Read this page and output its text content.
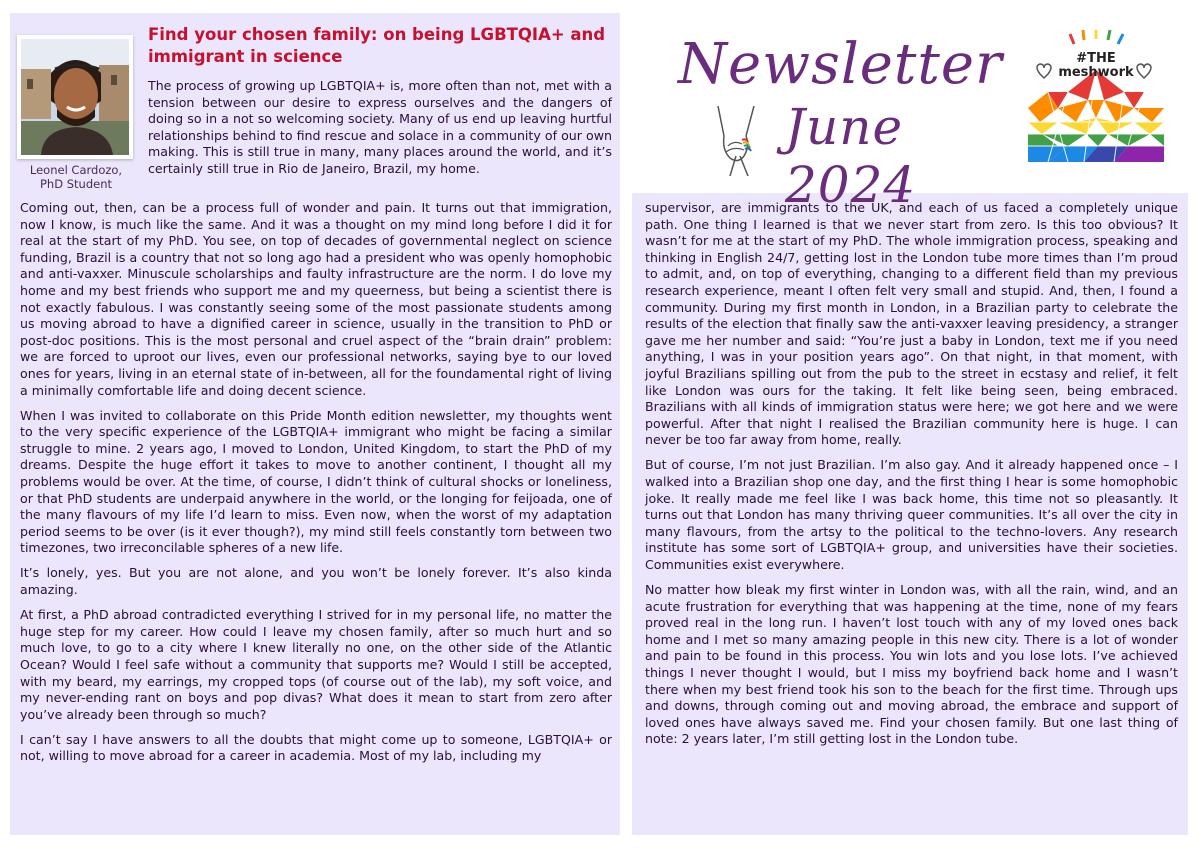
Leonel Cardozo,
PhD Student
Find your chosen family: on being LGBTQIA+ and immigrant in science

The process of growing up LGBTQIA+ is, more often than not, met with a tension between our desire to express ourselves and the dangers of doing so in a not so welcoming society. Many of us end up leaving hurtful relationships behind to find rescue and solace in a community of our own making. This is still true in many, many places around the world, and it’s certainly still true in Rio de Janeiro, Brazil, my home.

Coming out, then, can be a process full of wonder and pain. It turns out that immigration, now I know, is much like the same. And it was a thought on my mind long before I did it for real at the start of my PhD. You see, on top of decades of governmental neglect on science funding, Brazil is a country that not so long ago had a president who was openly homophobic and anti-vaxxer. Minuscule scholarships and faulty infrastructure are the norm. I do love my home and my best friends who support me and my queerness, but being a scientist there is not exactly fabulous. I was constantly seeing some of the most passionate students among us moving abroad to have a dignified career in science, usually in the transition to PhD or post-doc positions. This is the most personal and cruel aspect of the “brain drain” problem: we are forced to uproot our lives, even our professional networks, saying bye to our loved ones for years, living in an eternal state of in-between, all for the foundamental right of living a minimally comfortable life and doing decent science.

When I was invited to collaborate on this Pride Month edition newsletter, my thoughts went to the very specific experience of the LGBTQIA+ immigrant who might be facing a similar struggle to mine. 2 years ago, I moved to London, United Kingdom, to start the PhD of my dreams. Despite the huge effort it takes to move to another continent, I thought all my problems would be over. At the time, of course, I didn’t think of cultural shocks or loneliness, or that PhD students are underpaid anywhere in the world, or the longing for feijoada, one of the many flavours of my life I’d learn to miss. Even now, when the worst of my adaptation period seems to be over (is it ever though?), my mind still feels constantly torn between two timezones, two irreconcilable spheres of a new life.

It’s lonely, yes. But you are not alone, and you won’t be lonely forever. It’s also kinda amazing.

At first, a PhD abroad contradicted everything I strived for in my personal life, no matter the huge step for my career. How could I leave my chosen family, after so much hurt and so much love, to go to a city where I knew literally no one, on the other side of the Atlantic Ocean? Would I feel safe without a community that supports me? Would I still be accepted, with my beard, my earrings, my cropped tops (of course out of the lab), my soft voice, and my never-ending rant on boys and pop divas? What does it mean to start from zero after you’ve already been through so much?

I can’t say I have answers to all the doubts that might come up to someone, LGBTQIA+ or not, willing to move abroad for a career in academia. Most of my lab, including my

supervisor, are immigrants to the UK, and each of us faced a completely unique path. One thing I learned is that we never start from zero. Is this too obvious? It wasn’t for me at the start of my PhD. The whole immigration process, speaking and thinking in English 24/7, getting lost in the London tube more times than I’m proud to admit, and, on top of everything, changing to a different field than my previous research experience, meant I often felt very small and stupid. And, then, I found a community. During my first month in London, in a Brazilian party to celebrate the results of the election that finally saw the anti-vaxxer leaving presidency, a stranger gave me her number and said: “You’re just a baby in London, text me if you need anything, I was in your position years ago”. On that night, in that moment, with joyful Brazilians spilling out from the pub to the street in ecstasy and relief, it felt like London was ours for the taking. It felt like being seen, being embraced. Brazilians with all kinds of immigration status were here; we got here and we were powerful. After that night I realised the Brazilian community here is huge. I can never be too far away from home, really.

But of course, I’m not just Brazilian. I’m also gay. And it already happened once – I walked into a Brazilian shop one day, and the first thing I hear is some homophobic joke. It really made me feel like I was back home, this time not so pleasantly. It turns out that London has many thriving queer communities. It’s all over the city in many flavours, from the artsy to the political to the techno-lovers. Any research institute has some sort of LGBTQIA+ group, and universities have their societies. Communities exist everywhere.

No matter how bleak my first winter in London was, with all the rain, wind, and an acute frustration for everything that was happening at the time, none of my fears proved real in the long run. I haven’t lost touch with any of my loved ones back home and I met so many amazing people in this new city. There is a lot of wonder and pain to be found in this process. You win lots and you lose lots. I’ve achieved things I never thought I would, but I miss my boyfriend back home and I wasn’t there when my best friend took his son to the beach for the first time. Through ups and downs, through coming out and moving abroad, the embrace and support of loved ones have always saved me. Find your chosen family. But one last thing of note: 2 years later, I’m still getting lost in the London tube.

Newsletter
June 2024
#THE
meshwork
